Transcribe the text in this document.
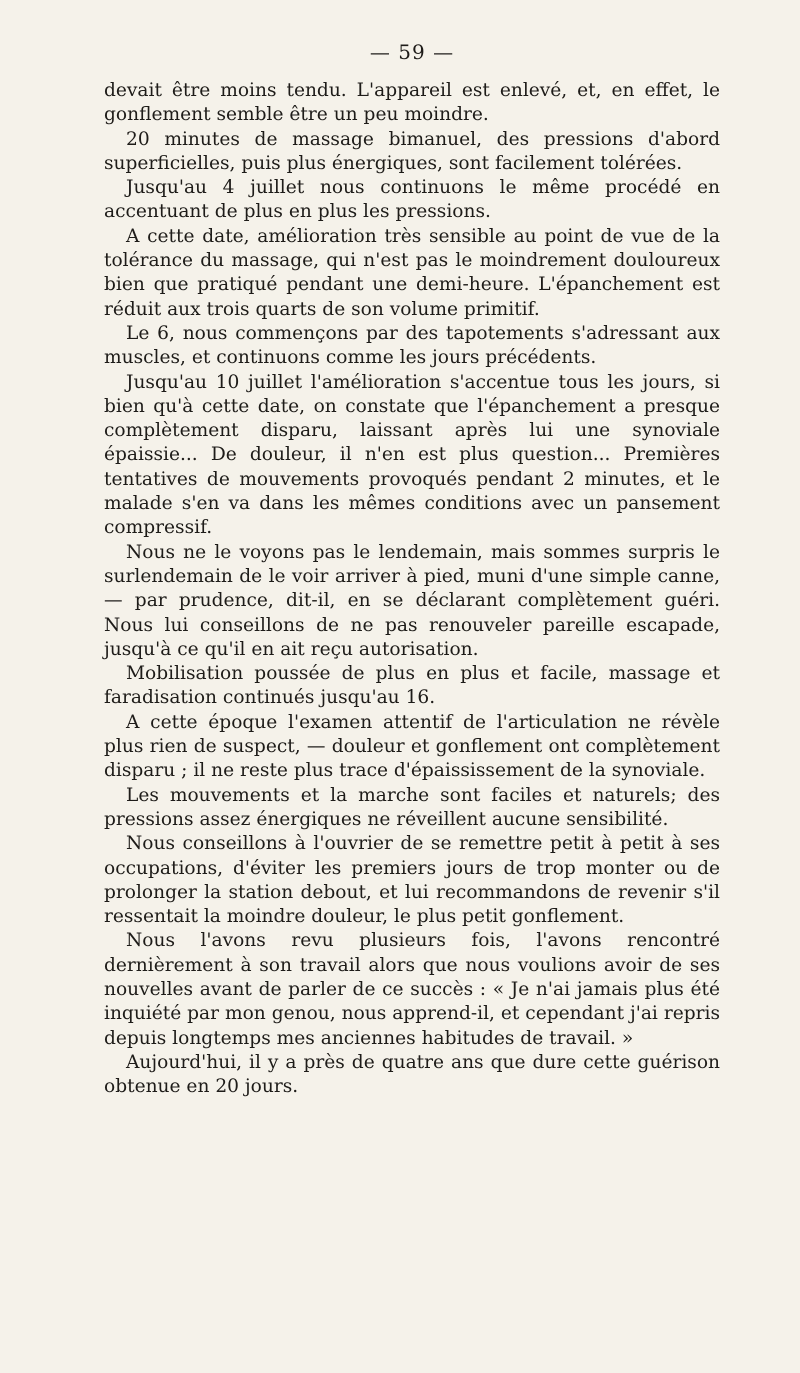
— 59 —

devait être moins tendu. L'appareil est enlevé, et, en effet, le gonflement semble être un peu moindre.

20 minutes de massage bimanuel, des pressions d'abord superficielles, puis plus énergiques, sont facilement tolérées.

Jusqu'au 4 juillet nous continuons le même procédé en accentuant de plus en plus les pressions.

A cette date, amélioration très sensible au point de vue de la tolérance du massage, qui n'est pas le moindrement douloureux bien que pratiqué pendant une demi-heure. L'épanchement est réduit aux trois quarts de son volume primitif.

Le 6, nous commençons par des tapotements s'adressant aux muscles, et continuons comme les jours précédents.

Jusqu'au 10 juillet l'amélioration s'accentue tous les jours, si bien qu'à cette date, on constate que l'épanchement a presque complètement disparu, laissant après lui une synoviale épaissie... De douleur, il n'en est plus question... Premières tentatives de mouvements provoqués pendant 2 minutes, et le malade s'en va dans les mêmes conditions avec un pansement compressif.

Nous ne le voyons pas le lendemain, mais sommes surpris le surlendemain de le voir arriver à pied, muni d'une simple canne, — par prudence, dit-il, en se déclarant complètement guéri. Nous lui conseillons de ne pas renouveler pareille escapade, jusqu'à ce qu'il en ait reçu autorisation.

Mobilisation poussée de plus en plus et facile, massage et faradisation continués jusqu'au 16.

A cette époque l'examen attentif de l'articulation ne révèle plus rien de suspect, — douleur et gonflement ont complètement disparu ; il ne reste plus trace d'épaississement de la synoviale.

Les mouvements et la marche sont faciles et naturels; des pressions assez énergiques ne réveillent aucune sensibilité.

Nous conseillons à l'ouvrier de se remettre petit à petit à ses occupations, d'éviter les premiers jours de trop monter ou de prolonger la station debout, et lui recommandons de revenir s'il ressentait la moindre douleur, le plus petit gonflement.

Nous l'avons revu plusieurs fois, l'avons rencontré dernièrement à son travail alors que nous voulions avoir de ses nouvelles avant de parler de ce succès : « Je n'ai jamais plus été inquiété par mon genou, nous apprend-il, et cependant j'ai repris depuis longtemps mes anciennes habitudes de travail. »

Aujourd'hui, il y a près de quatre ans que dure cette guérison obtenue en 20 jours.
